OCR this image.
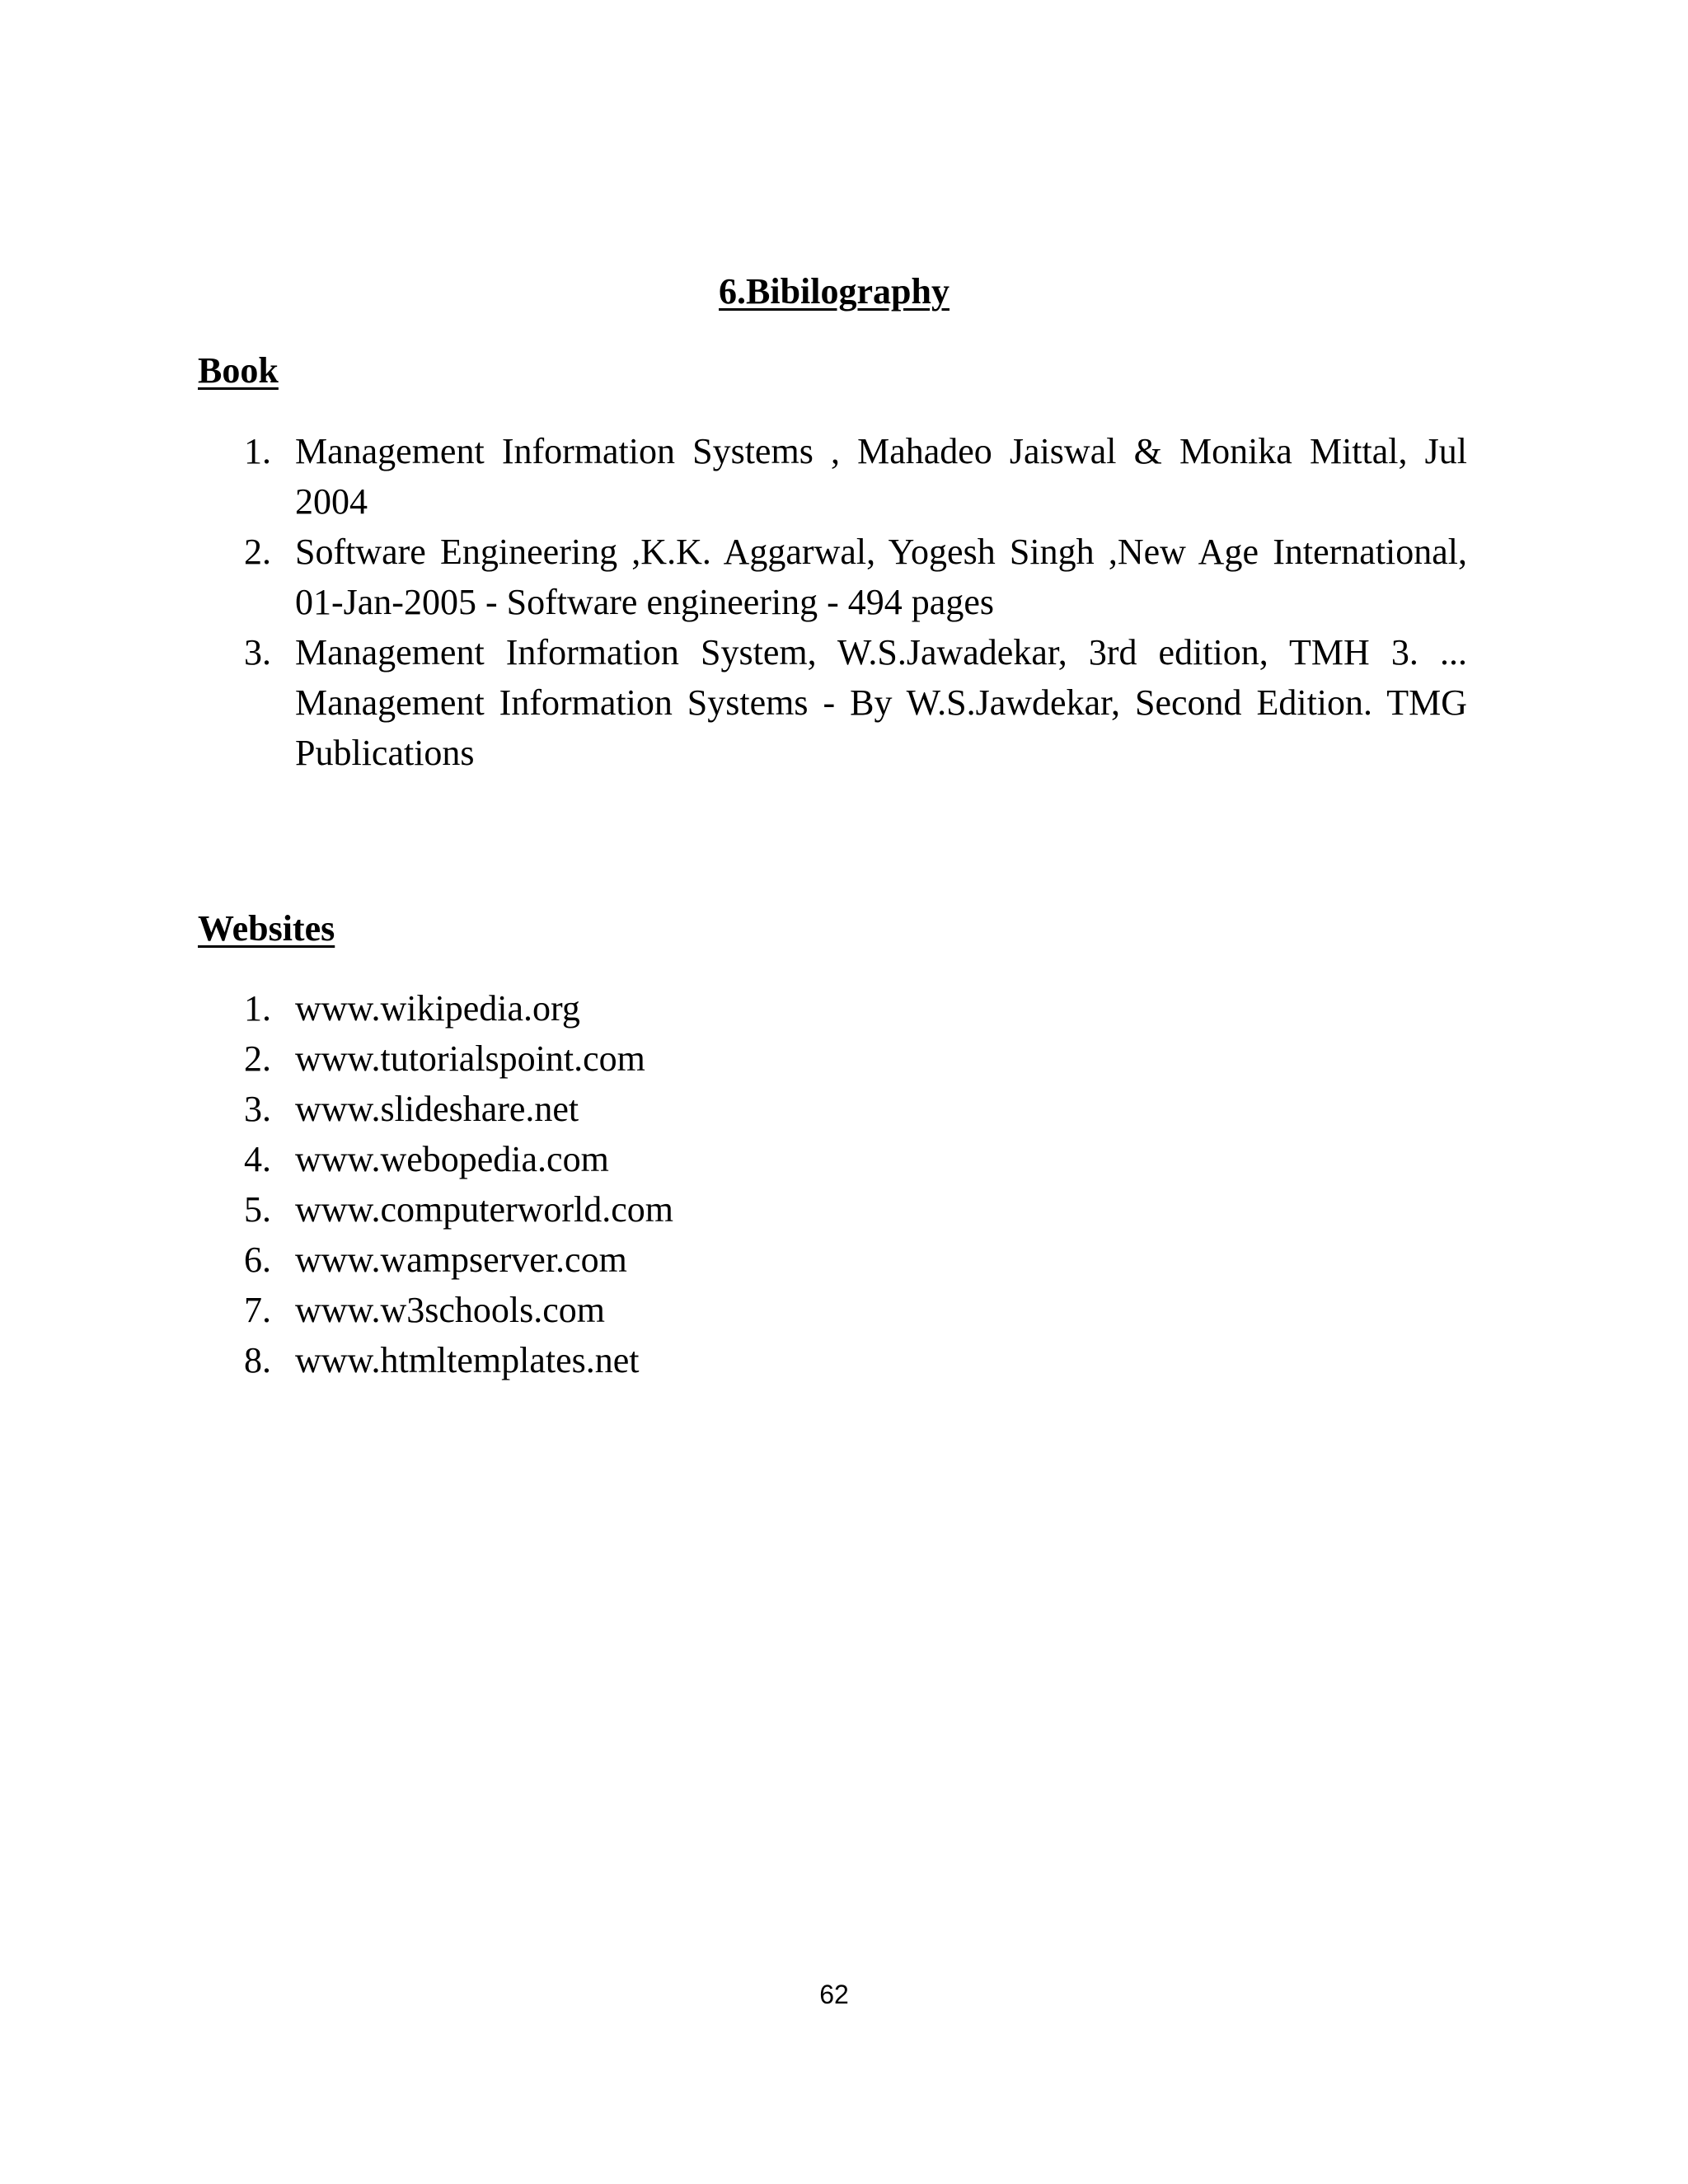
6.Bibilography
Book
1. Management Information Systems , Mahadeo Jaiswal & Monika Mittal, Jul 2004
2. Software Engineering ,K.K. Aggarwal, Yogesh Singh ,New Age International, 01-Jan-2005 - Software engineering - 494 pages
3. Management Information System, W.S.Jawadekar, 3rd edition, TMH 3. ... Management Information Systems - By W.S.Jawdekar, Second Edition. TMG Publications
Websites
1. www.wikipedia.org
2. www.tutorialspoint.com
3. www.slideshare.net
4. www.webopedia.com
5. www.computerworld.com
6. www.wampserver.com
7. www.w3schools.com
8. www.htmltemplates.net

62
